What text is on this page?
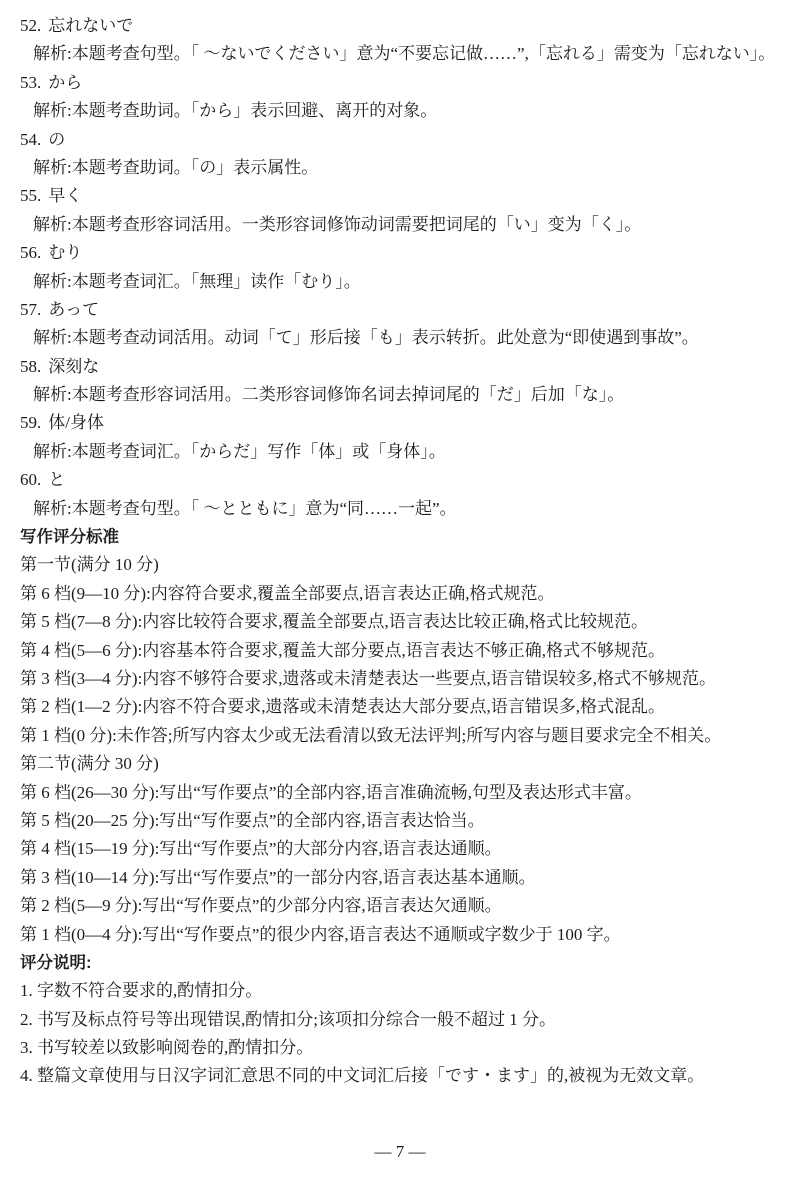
52. 忘れないで
解析:本题考查句型。「 ～ないでください」意为“不要忘记做……”,「忘れる」需变为「忘れない」。
53. から
解析:本题考查助词。「から」表示回避、离开的对象。
54. の
解析:本题考查助词。「の」表示属性。
55. 早く
解析:本题考查形容词活用。一类形容词修饰动词需要把词尾的「い」变为「く」。
56. むり
解析:本题考查词汇。「無理」读作「むり」。
57. あって
解析:本题考查动词活用。动词「て」形后接「も」表示转折。此处意为“即使遇到事故”。
58. 深刻な
解析:本题考查形容词活用。二类形容词修饰名词去掉词尾的「だ」后加「な」。
59. 体/身体
解析:本题考查词汇。「からだ」写作「体」或「身体」。
60. と
解析:本题考查句型。「 ～とともに」意为“同……一起”。
写作评分标准
第一节(满分 10 分)
第 6 档(9—10 分):内容符合要求,覆盖全部要点,语言表达正确,格式规范。
第 5 档(7—8 分):内容比较符合要求,覆盖全部要点,语言表达比较正确,格式比较规范。
第 4 档(5—6 分):内容基本符合要求,覆盖大部分要点,语言表达不够正确,格式不够规范。
第 3 档(3—4 分):内容不够符合要求,遗落或未清楚表达一些要点,语言错误较多,格式不够规范。
第 2 档(1—2 分):内容不符合要求,遗落或未清楚表达大部分要点,语言错误多,格式混乱。
第 1 档(0 分):未作答;所写内容太少或无法看清以致无法评判;所写内容与题目要求完全不相关。
第二节(满分 30 分)
第 6 档(26—30 分):写出“写作要点”的全部内容,语言准确流畅,句型及表达形式丰富。
第 5 档(20—25 分):写出“写作要点”的全部内容,语言表达恰当。
第 4 档(15—19 分):写出“写作要点”的大部分内容,语言表达通顺。
第 3 档(10—14 分):写出“写作要点”的一部分内容,语言表达基本通顺。
第 2 档(5—9 分):写出“写作要点”的少部分内容,语言表达欠通顺。
第 1 档(0—4 分):写出“写作要点”的很少内容,语言表达不通顺或字数少于 100 字。
评分说明:
1. 字数不符合要求的,酌情扣分。
2. 书写及标点符号等出现错误,酌情扣分;该项扣分综合一般不超过 1 分。
3. 书写较差以致影响阅卷的,酌情扣分。
4. 整篇文章使用与日汉字词汇意思不同的中文词汇后接「です・ます」的,被视为无效文章。
— 7 —
